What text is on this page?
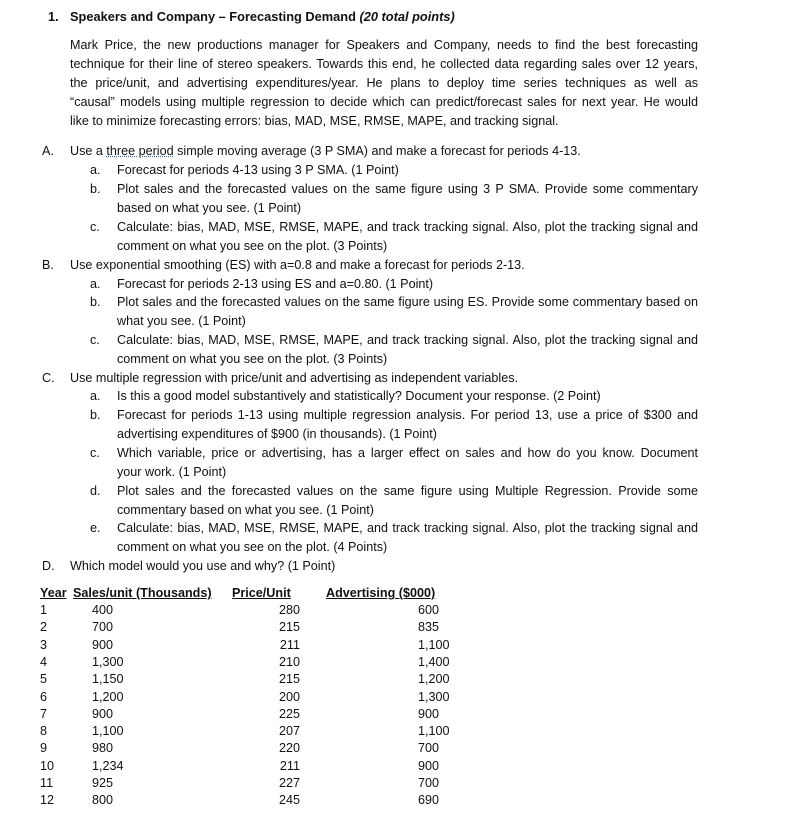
1. Speakers and Company – Forecasting Demand (20 total points)
Mark Price, the new productions manager for Speakers and Company, needs to find the best forecasting
technique for their line of stereo speakers. Towards this end, he collected data regarding sales over 12 years,
the price/unit, and advertising expenditures/year. He plans to deploy time series techniques as well as
“causal” models using multiple regression to decide which can predict/forecast sales for next year. He would
like to minimize forecasting errors: bias, MAD, MSE, RMSE, MAPE, and tracking signal.
A. Use a three period simple moving average (3 P SMA) and make a forecast for periods 4-13.
a. Forecast for periods 4-13 using 3 P SMA. (1 Point)
b. Plot sales and the forecasted values on the same figure using 3 P SMA. Provide some commentary
based on what you see. (1 Point)
c. Calculate: bias, MAD, MSE, RMSE, MAPE, and track tracking signal. Also, plot the tracking signal and
comment on what you see on the plot. (3 Points)
B. Use exponential smoothing (ES) with a=0.8 and make a forecast for periods 2-13.
a. Forecast for periods 2-13 using ES and a=0.80. (1 Point)
b. Plot sales and the forecasted values on the same figure using ES. Provide some commentary based on
what you see. (1 Point)
c. Calculate: bias, MAD, MSE, RMSE, MAPE, and track tracking signal. Also, plot the tracking signal and
comment on what you see on the plot. (3 Points)
C. Use multiple regression with price/unit and advertising as independent variables.
a. Is this a good model substantively and statistically? Document your response. (2 Point)
b. Forecast for periods 1-13 using multiple regression analysis. For period 13, use a price of $300 and
advertising expenditures of $900 (in thousands). (1 Point)
c. Which variable, price or advertising, has a larger effect on sales and how do you know. Document
your work. (1 Point)
d. Plot sales and the forecasted values on the same figure using Multiple Regression. Provide some
commentary based on what you see. (1 Point)
e. Calculate: bias, MAD, MSE, RMSE, MAPE, and track tracking signal. Also, plot the tracking signal and
comment on what you see on the plot. (4 Points)
D. Which model would you use and why? (1 Point)
Year Sales/unit (Thousands) Price/Unit	Advertising ($000)
1	400	280	600
2	700	215	835
3	900	211	1,100
4	1,300	210	1,400
5	1,150	215	1,200
6	1,200	200	1,300
7	900	225	900
8	1,100	207	1,100
9	980	220	700
10	1,234	211	900
11	925	227	700
12	800	245	690
